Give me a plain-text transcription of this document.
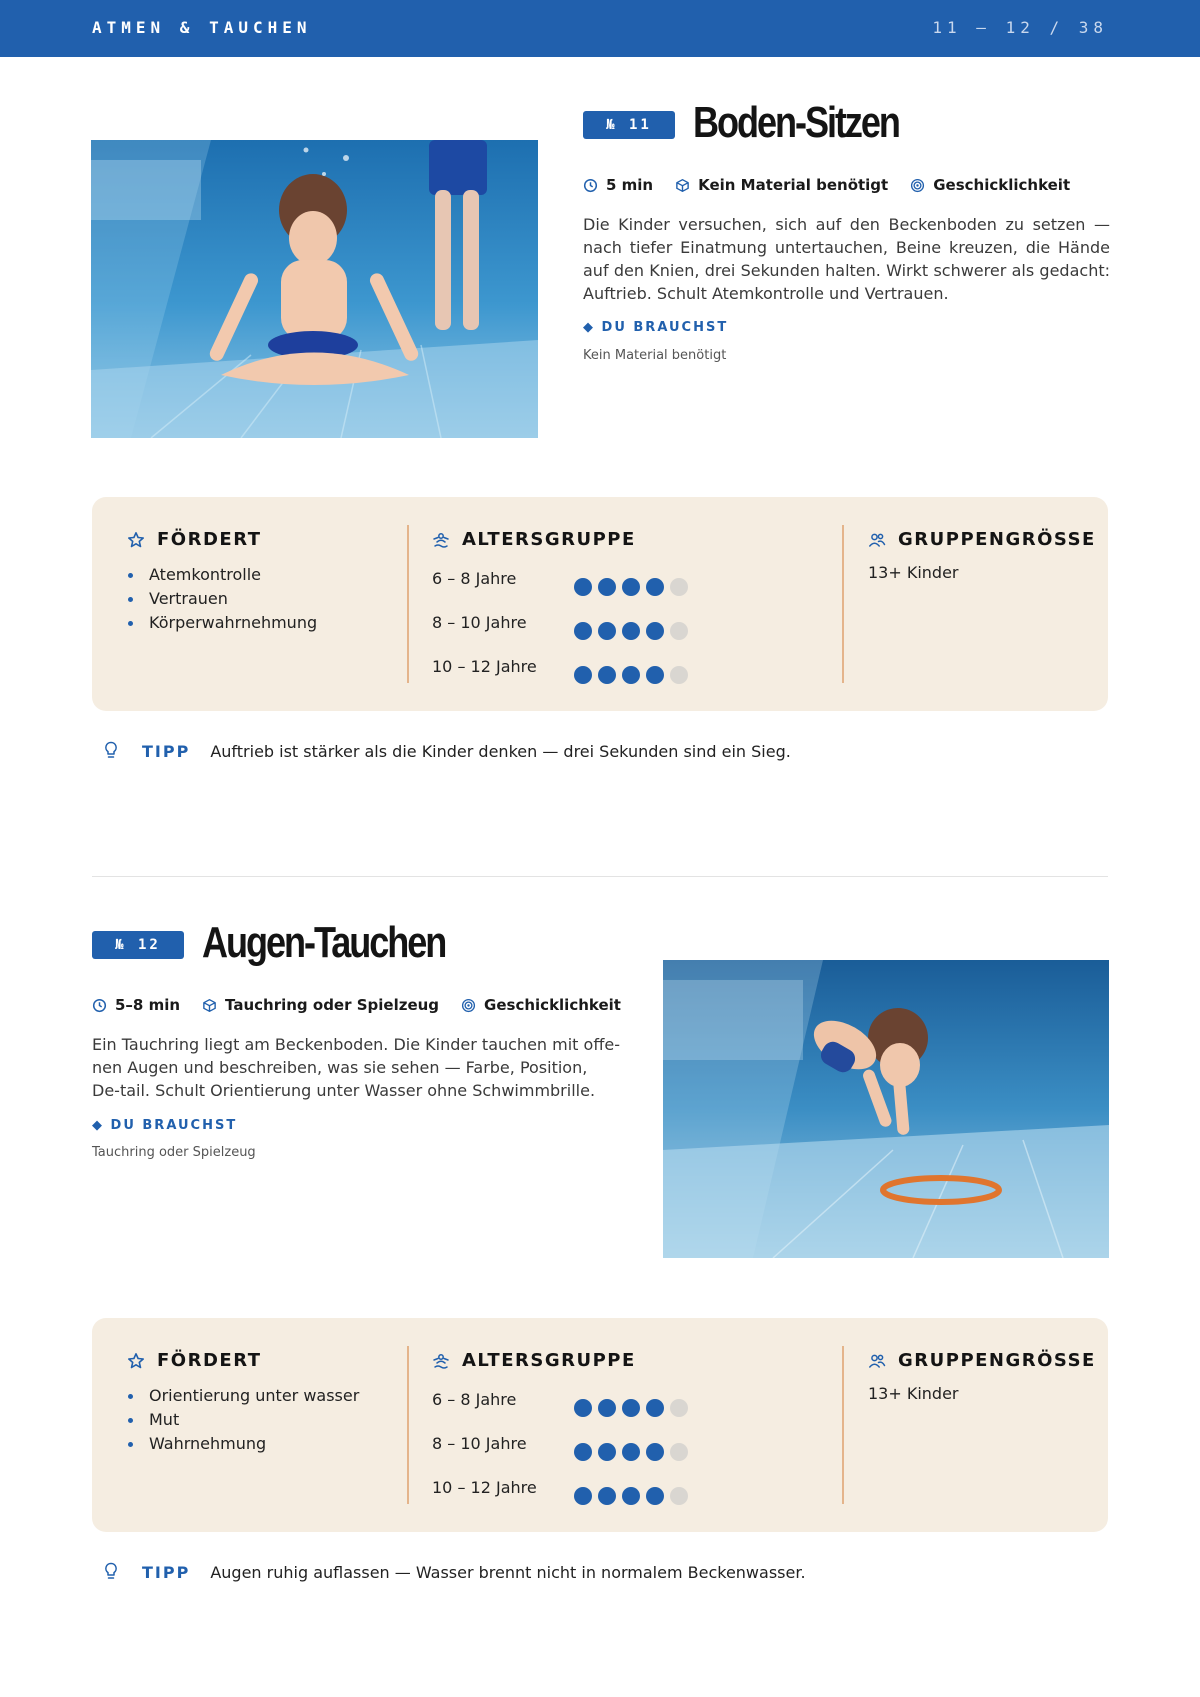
ATMEN & TAUCHEN	11 – 12 / 38
№ 11 Boden-Sitzen
5 min	Kein Material benötigt	Geschicklichkeit
Die Kinder versuchen, sich auf den Beckenboden zu setzen — nach tiefer Einatmung untertauchen, Beine kreuzen, die Hände auf den Knien, drei Sekunden halten. Wirkt schwerer als gedacht: Auftrieb. Schult Atemkontrolle und Vertrauen.
◆ DU BRAUCHST
Kein Material benötigt
FÖRDERT
Atemkontrolle
Vertrauen
Körperwahrnehmung
ALTERSGRUPPE
6 – 8 Jahre
8 – 10 Jahre
10 – 12 Jahre
GRUPPENGRÖSSE
13+ Kinder
TIPP Auftrieb ist stärker als die Kinder denken — drei Sekunden sind ein Sieg.
№ 12 Augen-Tauchen
5–8 min	Tauchring oder Spielzeug	Geschicklichkeit
Ein Tauchring liegt am Beckenboden. Die Kinder tauchen mit offe-nen Augen und beschreiben, was sie sehen — Farbe, Position, De-tail. Schult Orientierung unter Wasser ohne Schwimmbrille.
◆ DU BRAUCHST
Tauchring oder Spielzeug
FÖRDERT
Orientierung unter wasser
Mut
Wahrnehmung
ALTERSGRUPPE
6 – 8 Jahre
8 – 10 Jahre
10 – 12 Jahre
GRUPPENGRÖSSE
13+ Kinder
TIPP Augen ruhig auflassen — Wasser brennt nicht in normalem Beckenwasser.
